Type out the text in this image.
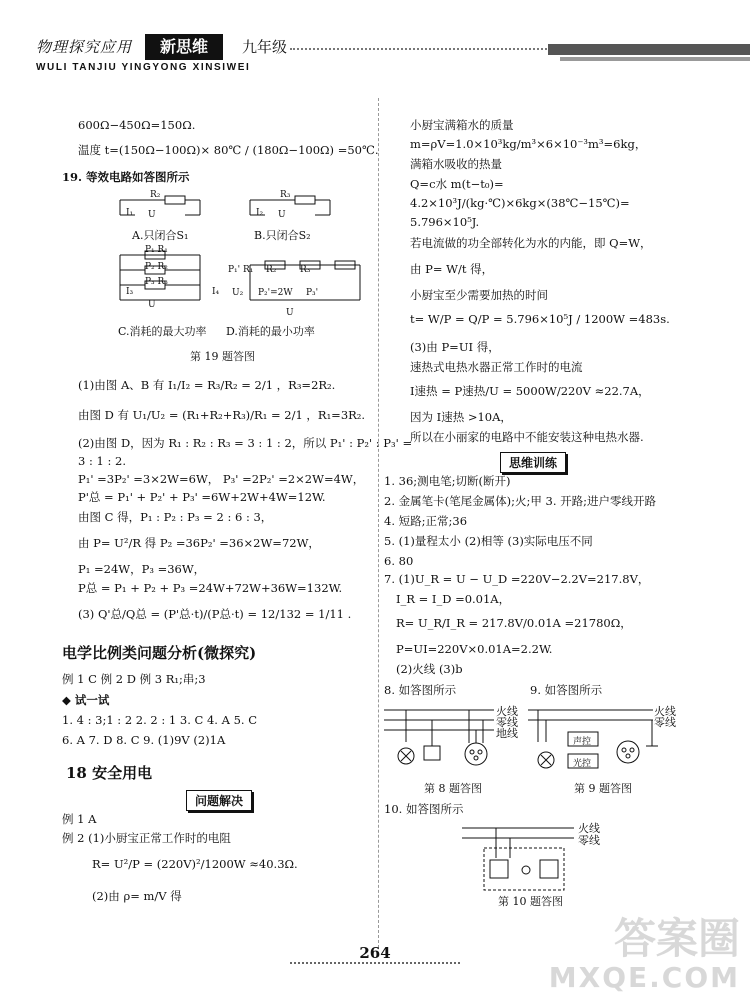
物理探究应用	新思维	九年级
WULI TANJIU YINGYONG XINSIWEI
600Ω−450Ω=150Ω.
温度 t=(150Ω−100Ω)× 80℃ / (180Ω−100Ω) =50℃.
19. 等效电路如答图所示
R₂
I₁ U
R₃
I₂ U
A.只闭合S₁	B.只闭合S₂
P₁ R₁
P₂ R₂
P₃ R₃
I₃
U
P₁' R₁ R₂	R₃
I₄ U₂ P₂'=2W P₃'
U
C.消耗的最大功率 D.消耗的最小功率
第 19 题答图
(1)由图 A、B 有 I₁/I₂ = R₃/R₂ = 2/1 ，R₃=2R₂.
由图 D 有 U₁/U₂ = (R₁+R₂+R₃)/R₁ = 2/1 ，R₁=3R₂.
(2)由图 D，因为 R₁ : R₂ : R₃ = 3 : 1 : 2，所以 P₁' : P₂' : P₃' =
3 : 1 : 2.
P₁' =3P₂' =3×2W=6W， P₃' =2P₂' =2×2W=4W，
P'总 = P₁' + P₂' + P₃' =6W+2W+4W=12W.
由图 C 得，P₁ : P₂ : P₃ = 2 : 6 : 3，
由 P= U²/R 得 P₂ =36P₂' =36×2W=72W，
P₁ =24W，P₃ =36W，
P总 = P₁ + P₂ + P₃ =24W+72W+36W=132W.
(3) Q'总/Q总 = (P'总·t)/(P总·t) = 12/132 = 1/11 .
电学比例类问题分析(微探究)
例 1 C 例 2 D 例 3 R₁;串;3
◆ 试一试
1. 4 : 3;1 : 2 2. 2 : 1 3. C 4. A 5. C
6. A 7. D 8. C 9. (1)9V (2)1A
18 安全用电
问题解决
例 1 A
例 2 (1)小厨宝正常工作时的电阻
R= U²/P = (220V)²/1200W ≈40.3Ω.
(2)由 ρ= m/V 得
小厨宝满箱水的质量
m=ρV=1.0×10³kg/m³×6×10⁻³m³=6kg，
满箱水吸收的热量
Q=c水 m(t−t₀)=
4.2×10³J/(kg·℃)×6kg×(38℃−15℃)=
5.796×10⁵J.
若电流做的功全部转化为水的内能，即 Q=W，
由 P= W/t 得，
小厨宝至少需要加热的时间
t= W/P = Q/P = 5.796×10⁵J / 1200W =483s.
(3)由 P=UI 得，
速热式电热水器正常工作时的电流
I速热 = P速热/U = 5000W/220V ≈22.7A，
因为 I速热 >10A，
所以在小丽家的电路中不能安装这种电热水器.
思维训练
1. 36;测电笔;切断(断开)
2. 金属笔卡(笔尾金属体);火;甲 3. 开路;进户零线开路
4. 短路;正常;36
5. (1)量程太小 (2)相等 (3)实际电压不同
6. 80
7. (1)U_R = U − U_D =220V−2.2V=217.8V，
I_R = I_D =0.01A，
R= U_R/I_R = 217.8V/0.01A =21780Ω，
P=UI=220V×0.01A=2.2W.
(2)火线 (3)b
8. 如答图所示	9. 如答图所示
火线
零线
地线
火线
零线
声控
光控
第 8 题答图	第 9 题答图
10. 如答图所示
火线
零线
第 10 题答图
264	答案圈
MXQE.COM
